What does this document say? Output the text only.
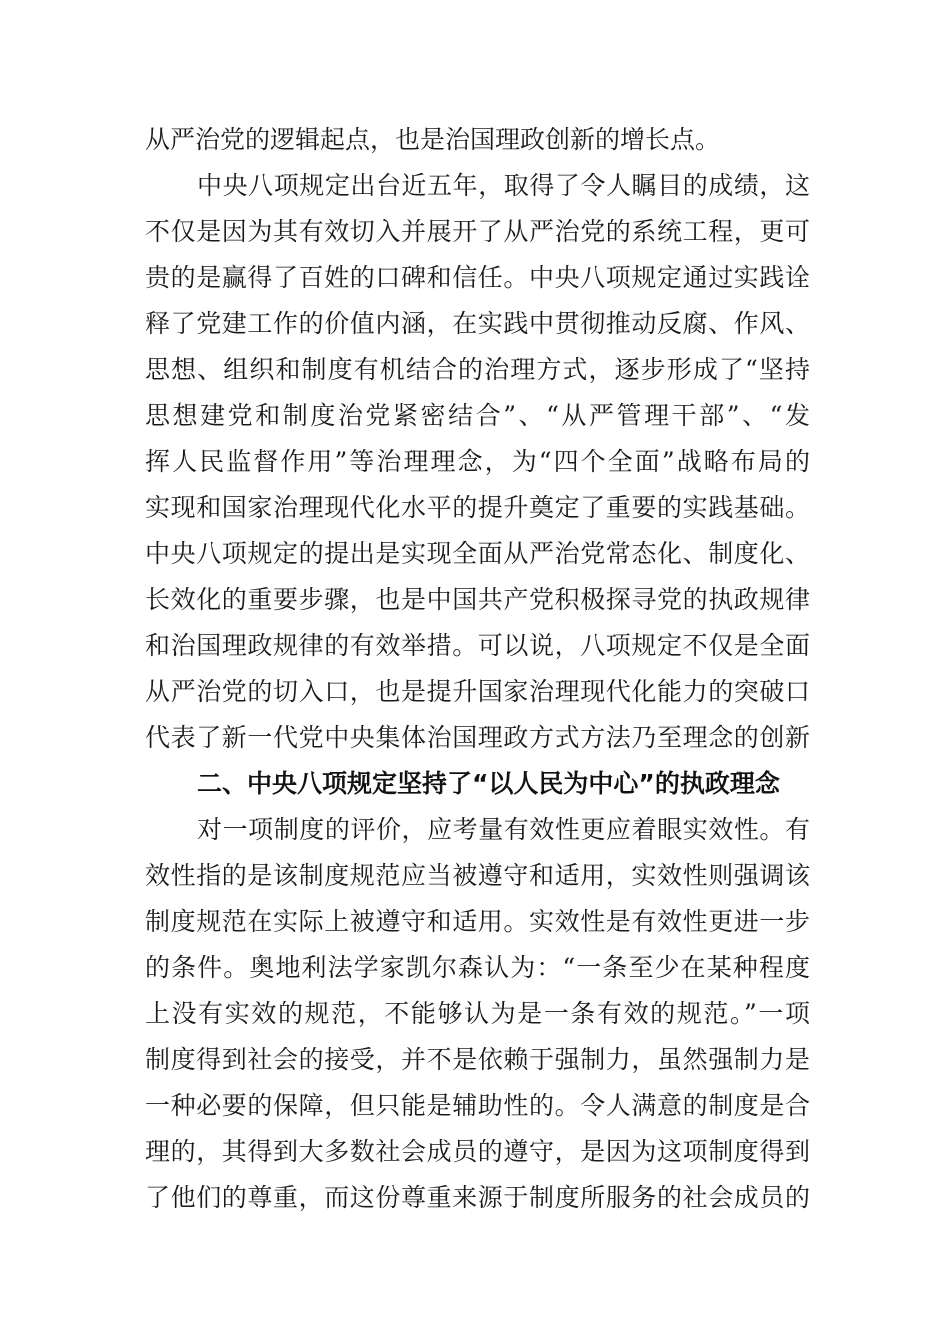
从严治党的逻辑起点，也是治国理政创新的增长点。
中央八项规定出台近五年，取得了令人瞩目的成绩，这
不仅是因为其有效切入并展开了从严治党的系统工程，更可
贵的是赢得了百姓的口碑和信任。中央八项规定通过实践诠
释了党建工作的价值内涵，在实践中贯彻推动反腐、作风、
思想、组织和制度有机结合的治理方式，逐步形成了“坚持
思想建党和制度治党紧密结合”、“从严管理干部”、“发
挥人民监督作用”等治理理念，为“四个全面”战略布局的
实现和国家治理现代化水平的提升奠定了重要的实践基础。
中央八项规定的提出是实现全面从严治党常态化、制度化、
长效化的重要步骤，也是中国共产党积极探寻党的执政规律
和治国理政规律的有效举措。可以说，八项规定不仅是全面
从严治党的切入口，也是提升国家治理现代化能力的突破口
代表了新一代党中央集体治国理政方式方法乃至理念的创新
二、中央八项规定坚持了“以人民为中心”的执政理念
对一项制度的评价，应考量有效性更应着眼实效性。有
效性指的是该制度规范应当被遵守和适用，实效性则强调该
制度规范在实际上被遵守和适用。实效性是有效性更进一步
的条件。奥地利法学家凯尔森认为：“一条至少在某种程度
上没有实效的规范，不能够认为是一条有效的规范。”一项
制度得到社会的接受，并不是依赖于强制力，虽然强制力是
一种必要的保障，但只能是辅助性的。令人满意的制度是合
理的，其得到大多数社会成员的遵守，是因为这项制度得到
了他们的尊重，而这份尊重来源于制度所服务的社会成员的
